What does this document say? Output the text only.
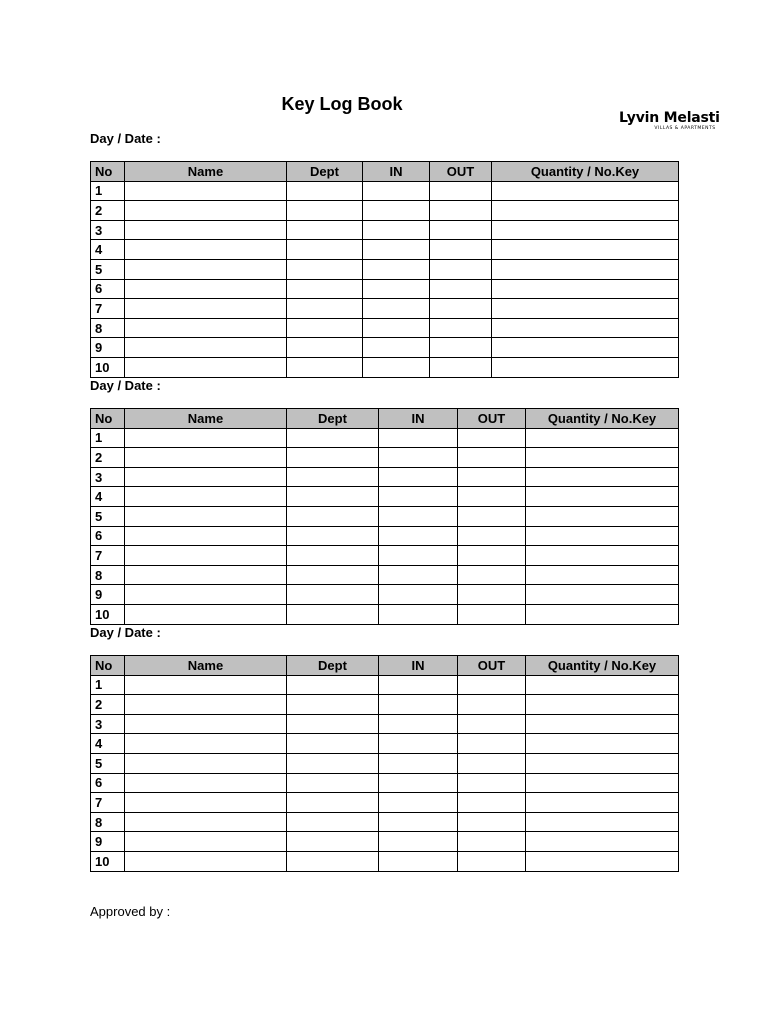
Key Log Book
Lyvin Melasti
VILLAS & APARTMENTS
Day / Date :
No	Name	Dept	IN	OUT	Quantity / No.Key
1					
2					
3					
4					
5					
6					
7					
8					
9					
10					
Day / Date :
No	Name	Dept	IN	OUT	Quantity / No.Key
1					
2					
3					
4					
5					
6					
7					
8					
9					
10					
Day / Date :
No	Name	Dept	IN	OUT	Quantity / No.Key
1					
2					
3					
4					
5					
6					
7					
8					
9					
10					
Approved by :
